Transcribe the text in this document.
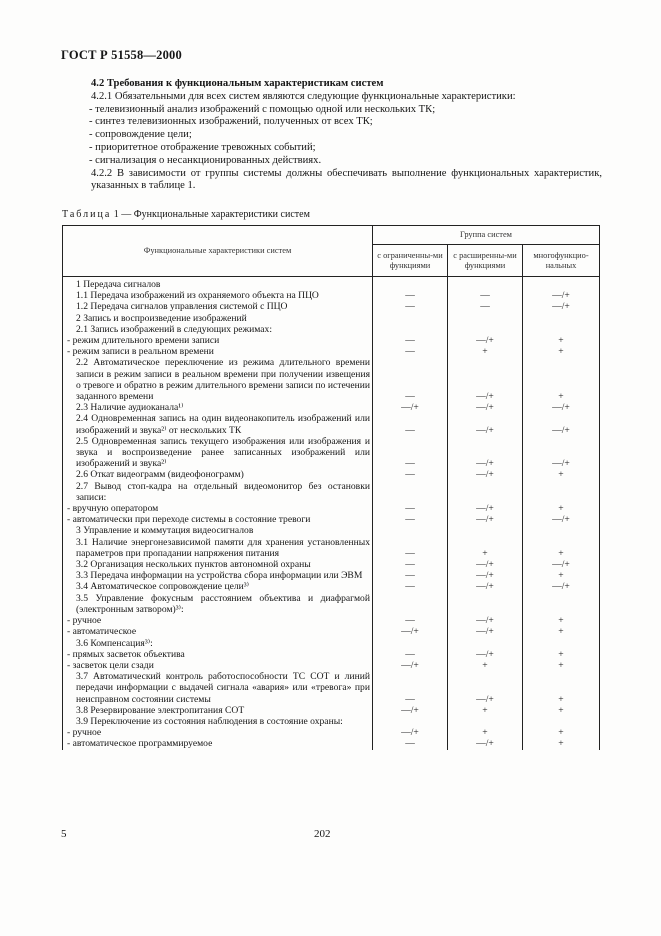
ГОСТ Р 51558—2000

4.2 Требования к функциональным характеристикам систем

4.2.1 Обязательными для всех систем являются следующие функциональные характеристики:

- телевизионный анализ изображений с помощью одной или нескольких ТК;

- синтез телевизионных изображений, полученных от всех ТК;

- сопровождение цели;

- приоритетное отображение тревожных событий;

- сигнализация о несанкционированных действиях.

4.2.2 В зависимости от группы системы должны обеспечивать выполнение функциональных характеристик, указанных в таблице 1.

Таблица 1 — Функциональные характеристики систем
Функциональные характеристики систем	Группа систем		
	с ограниченны-ми функциями	с расширенны-ми функциями	многофункцио-нальных
1 Передача сигналов			
1.1 Передача изображений из охраняемого объекта на ПЦО	—	—	—/+
1.2 Передача сигналов управления системой с ПЦО	—	—	—/+
2 Запись и воспроизведение изображений			
2.1 Запись изображений в следующих режимах:			
- режим длительного времени записи	—	—/+	+
- режим записи в реальном времени	—	+	+
2.2 Автоматическое переключение из режима длительного времени записи в режим записи в реальном времени при получении извещения о тревоге и обратно в режим длительного времени записи по истечении заданного времени	—	—/+	+
2.3 Наличие аудиоканала¹⁾	—/+	—/+	—/+
2.4 Одновременная запись на один видеонакопитель изображений или изображений и звука²⁾ от нескольких ТК	—	—/+	—/+
2.5 Одновременная запись текущего изображения или изображения и звука и воспроизведение ранее записанных изображений или изображений и звука²⁾	—	—/+	—/+
2.6 Откат видеограмм (видеофонограмм)	—	—/+	+
2.7 Вывод стоп-кадра на отдельный видеомонитор без остановки записи:			
- вручную оператором	—	—/+	+
- автоматически при переходе системы в состояние тревоги	—	—/+	—/+
3 Управление и коммутация видеосигналов			
3.1 Наличие энергонезависимой памяти для хранения установленных параметров при пропадании напряжения питания	—	+	+
3.2 Организация нескольких пунктов автономной охраны	—	—/+	—/+
3.3 Передача информации на устройства сбора информации или ЭВМ	—	—/+	+
3.4 Автоматическое сопровождение цели³⁾	—	—/+	—/+
3.5 Управление фокусным расстоянием объектива и диафрагмой (электронным затвором)³⁾:			
- ручное	—	—/+	+
- автоматическое	—/+	—/+	+
3.6 Компенсация³⁾:			
- прямых засветок объектива	—	—/+	+
- засветок цели сзади	—/+	+	+
3.7 Автоматический контроль работоспособности ТС СОТ и линий передачи информации с выдачей сигнала «авария» или «тревога» при неисправном состоянии системы	—	—/+	+
3.8 Резервирование электропитания СОТ	—/+	+	+
3.9 Переключение из состояния наблюдения в состояние охраны:			
- ручное	—/+	+	+
- автоматическое программируемое	—	—/+	+
5	202
